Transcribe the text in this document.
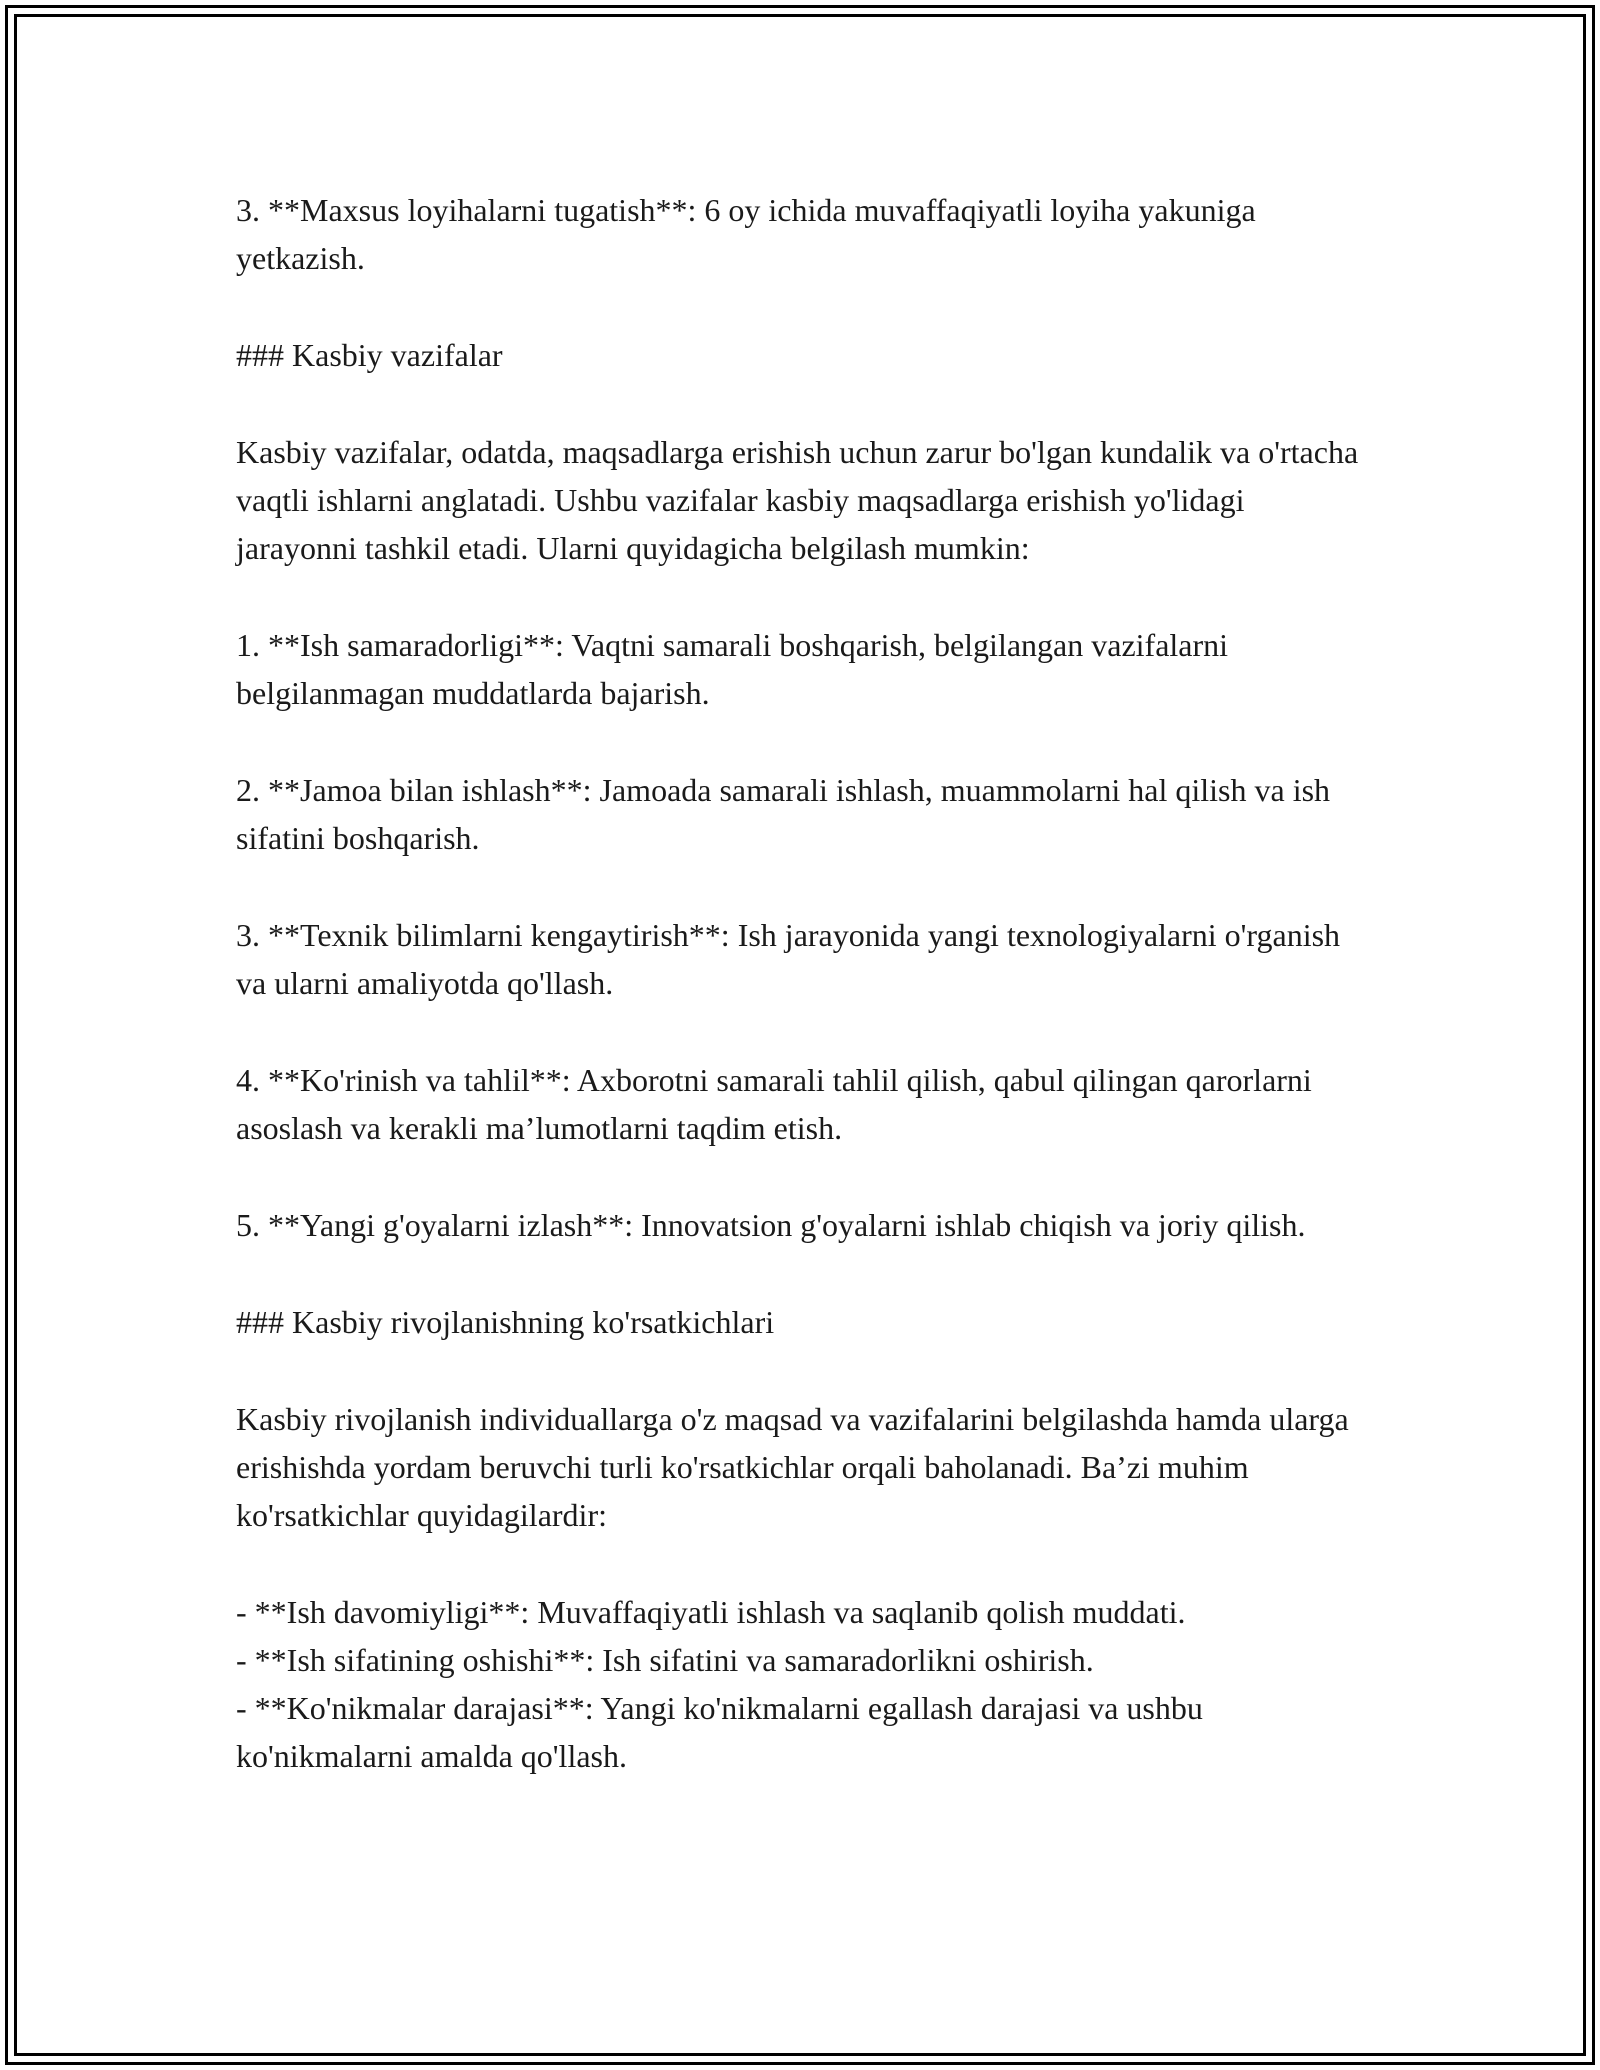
3. **Maxsus loyihalarni tugatish**: 6 oy ichida muvaffaqiyatli loyiha yakuniga yetkazish.

### Kasbiy vazifalar

Kasbiy vazifalar, odatda, maqsadlarga erishish uchun zarur bo'lgan kundalik va o'rtacha vaqtli ishlarni anglatadi. Ushbu vazifalar kasbiy maqsadlarga erishish yo'lidagi jarayonni tashkil etadi. Ularni quyidagicha belgilash mumkin:

1. **Ish samaradorligi**: Vaqtni samarali boshqarish, belgilangan vazifalarni belgilanmagan muddatlarda bajarish.

2. **Jamoa bilan ishlash**: Jamoada samarali ishlash, muammolarni hal qilish va ish sifatini boshqarish.

3. **Texnik bilimlarni kengaytirish**: Ish jarayonida yangi texnologiyalarni o'rganish va ularni amaliyotda qo'llash.

4. **Ko'rinish va tahlil**: Axborotni samarali tahlil qilish, qabul qilingan qarorlarni asoslash va kerakli ma’lumotlarni taqdim etish.

5. **Yangi g'oyalarni izlash**: Innovatsion g'oyalarni ishlab chiqish va joriy qilish.

### Kasbiy rivojlanishning ko'rsatkichlari

Kasbiy rivojlanish individuallarga o'z maqsad va vazifalarini belgilashda hamda ularga erishishda yordam beruvchi turli ko'rsatkichlar orqali baholanadi. Ba’zi muhim ko'rsatkichlar quyidagilardir:

- **Ish davomiyligi**: Muvaffaqiyatli ishlash va saqlanib qolish muddati.

- **Ish sifatining oshishi**: Ish sifatini va samaradorlikni oshirish.

- **Ko'nikmalar darajasi**: Yangi ko'nikmalarni egallash darajasi va ushbu ko'nikmalarni amalda qo'llash.
